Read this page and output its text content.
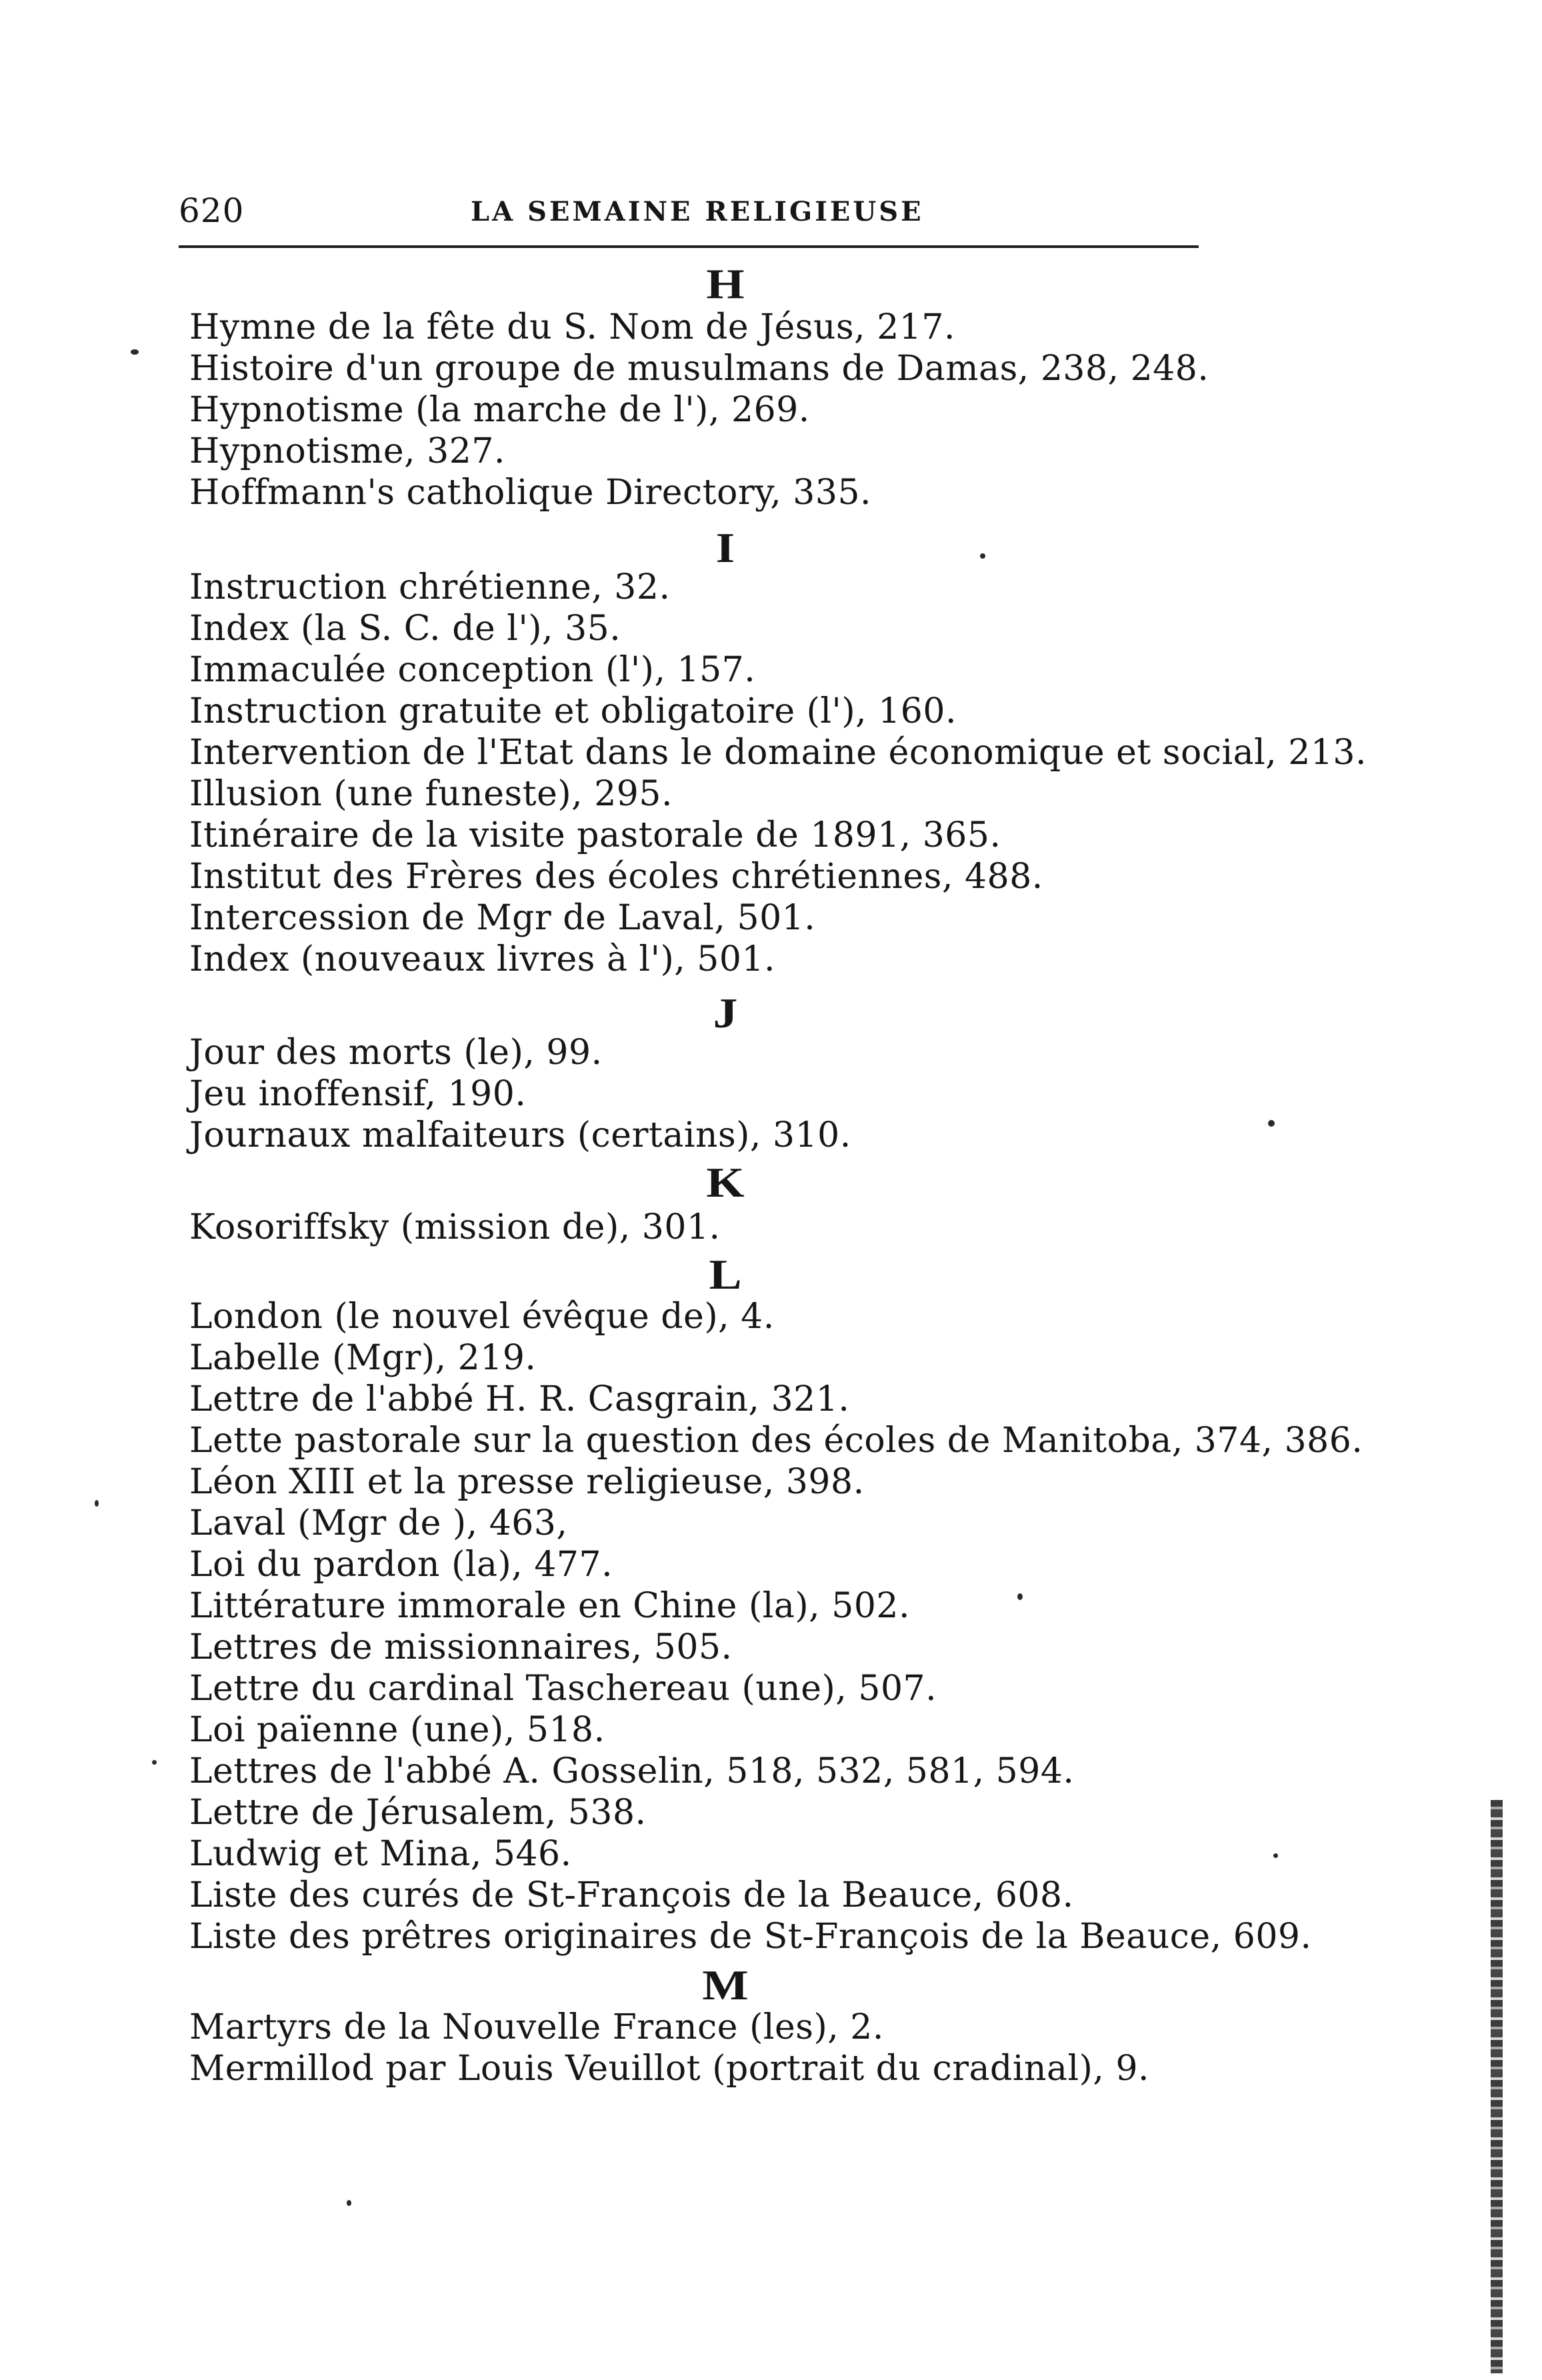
620	LA SEMAINE RELIGIEUSE
H
Hymne de la fête du S. Nom de Jésus, 217.
Histoire d'un groupe de musulmans de Damas, 238, 248.
Hypnotisme (la marche de l'), 269.
Hypnotisme, 327.
Hoffmann's catholique Directory, 335.
I
Instruction chrétienne, 32.
Index (la S. C. de l'), 35.
Immaculée conception (l'), 157.
Instruction gratuite et obligatoire (l'), 160.
Intervention de l'Etat dans le domaine économique et social, 213.
Illusion (une funeste), 295.
Itinéraire de la visite pastorale de 1891, 365.
Institut des Frères des écoles chrétiennes, 488.
Intercession de Mgr de Laval, 501.
Index (nouveaux livres à l'), 501.
J
Jour des morts (le), 99.
Jeu inoffensif, 190.
Journaux malfaiteurs (certains), 310.
K
Kosoriffsky (mission de), 301.
L
London (le nouvel évêque de), 4.
Labelle (Mgr), 219.
Lettre de l'abbé H. R. Casgrain, 321.
Lette pastorale sur la question des écoles de Manitoba, 374, 386.
Léon XIII et la presse religieuse, 398.
Laval (Mgr de ), 463,
Loi du pardon (la), 477.
Littérature immorale en Chine (la), 502.
Lettres de missionnaires, 505.
Lettre du cardinal Taschereau (une), 507.
Loi païenne (une), 518.
Lettres de l'abbé A. Gosselin, 518, 532, 581, 594.
Lettre de Jérusalem, 538.
Ludwig et Mina, 546.
Liste des curés de St-François de la Beauce, 608.
Liste des prêtres originaires de St-François de la Beauce, 609.
M
Martyrs de la Nouvelle France (les), 2.
Mermillod par Louis Veuillot (portrait du cradinal), 9.
